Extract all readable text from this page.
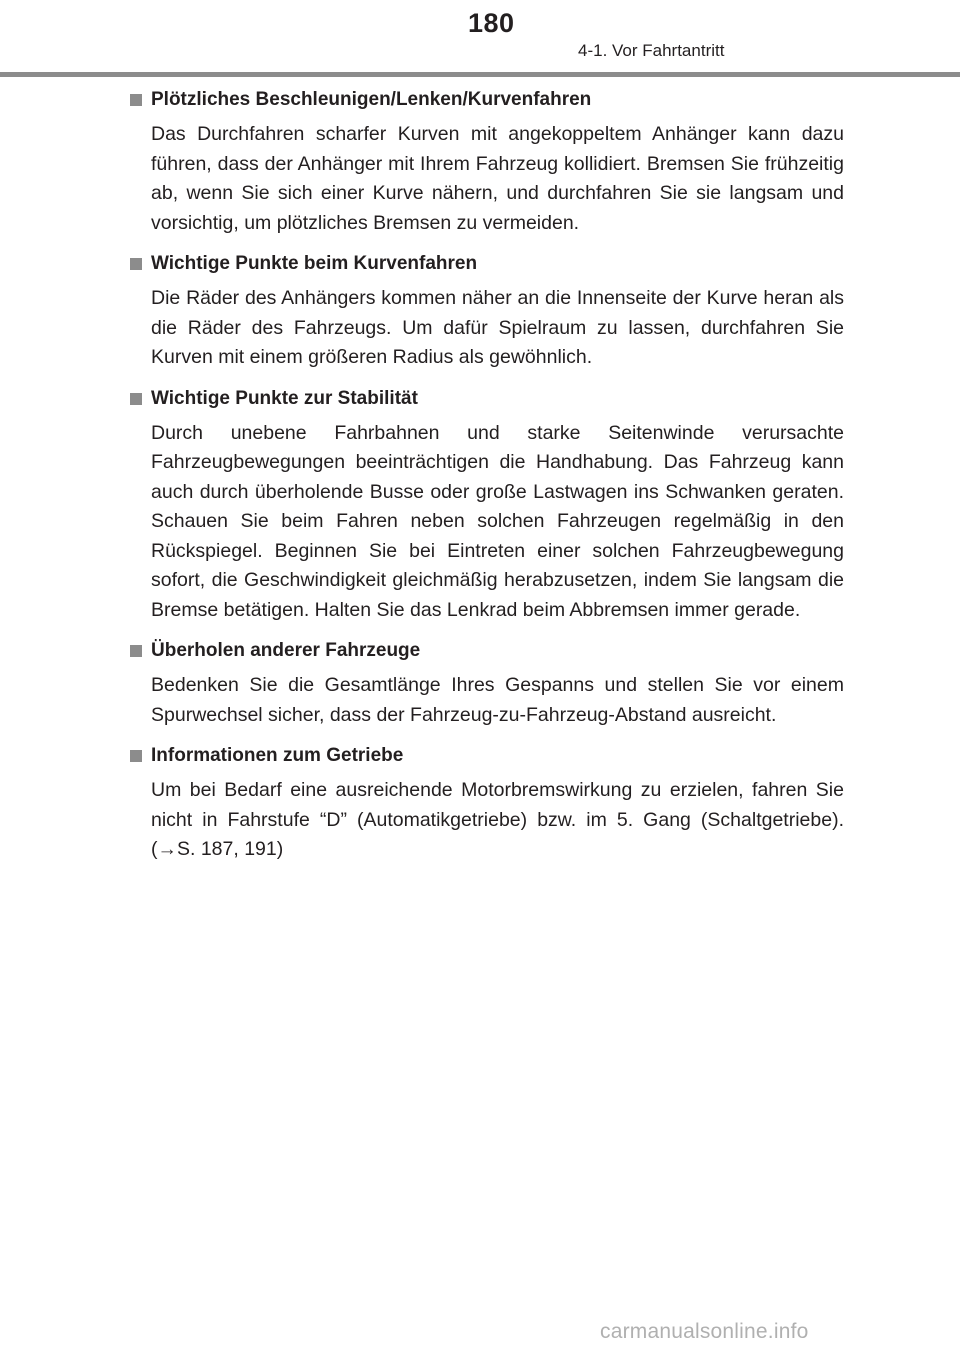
180
4-1. Vor Fahrtantritt
Plötzliches Beschleunigen/Lenken/Kurvenfahren
Das Durchfahren scharfer Kurven mit angekoppeltem Anhänger kann dazu führen, dass der Anhänger mit Ihrem Fahrzeug kollidiert. Bremsen Sie frühzeitig ab, wenn Sie sich einer Kurve nähern, und durchfahren Sie sie langsam und vorsichtig, um plötzliches Bremsen zu vermeiden.
Wichtige Punkte beim Kurvenfahren
Die Räder des Anhängers kommen näher an die Innenseite der Kurve heran als die Räder des Fahrzeugs. Um dafür Spielraum zu lassen, durchfahren Sie Kurven mit einem größeren Radius als gewöhnlich.
Wichtige Punkte zur Stabilität
Durch unebene Fahrbahnen und starke Seitenwinde verursachte Fahrzeugbewegungen beeinträchtigen die Handhabung. Das Fahrzeug kann auch durch überholende Busse oder große Lastwagen ins Schwanken geraten. Schauen Sie beim Fahren neben solchen Fahrzeugen regelmäßig in den Rückspiegel. Beginnen Sie bei Eintreten einer solchen Fahrzeugbewegung sofort, die Geschwindigkeit gleichmäßig herabzusetzen, indem Sie langsam die Bremse betätigen. Halten Sie das Lenkrad beim Abbremsen immer gerade.
Überholen anderer Fahrzeuge
Bedenken Sie die Gesamtlänge Ihres Gespanns und stellen Sie vor einem Spurwechsel sicher, dass der Fahrzeug-zu-Fahrzeug-Abstand ausreicht.
Informationen zum Getriebe
Um bei Bedarf eine ausreichende Motorbremswirkung zu erzielen, fahren Sie nicht in Fahrstufe “D” (Automatikgetriebe) bzw. im 5. Gang (Schaltgetriebe). (→S. 187, 191)
carmanualsonline.info
